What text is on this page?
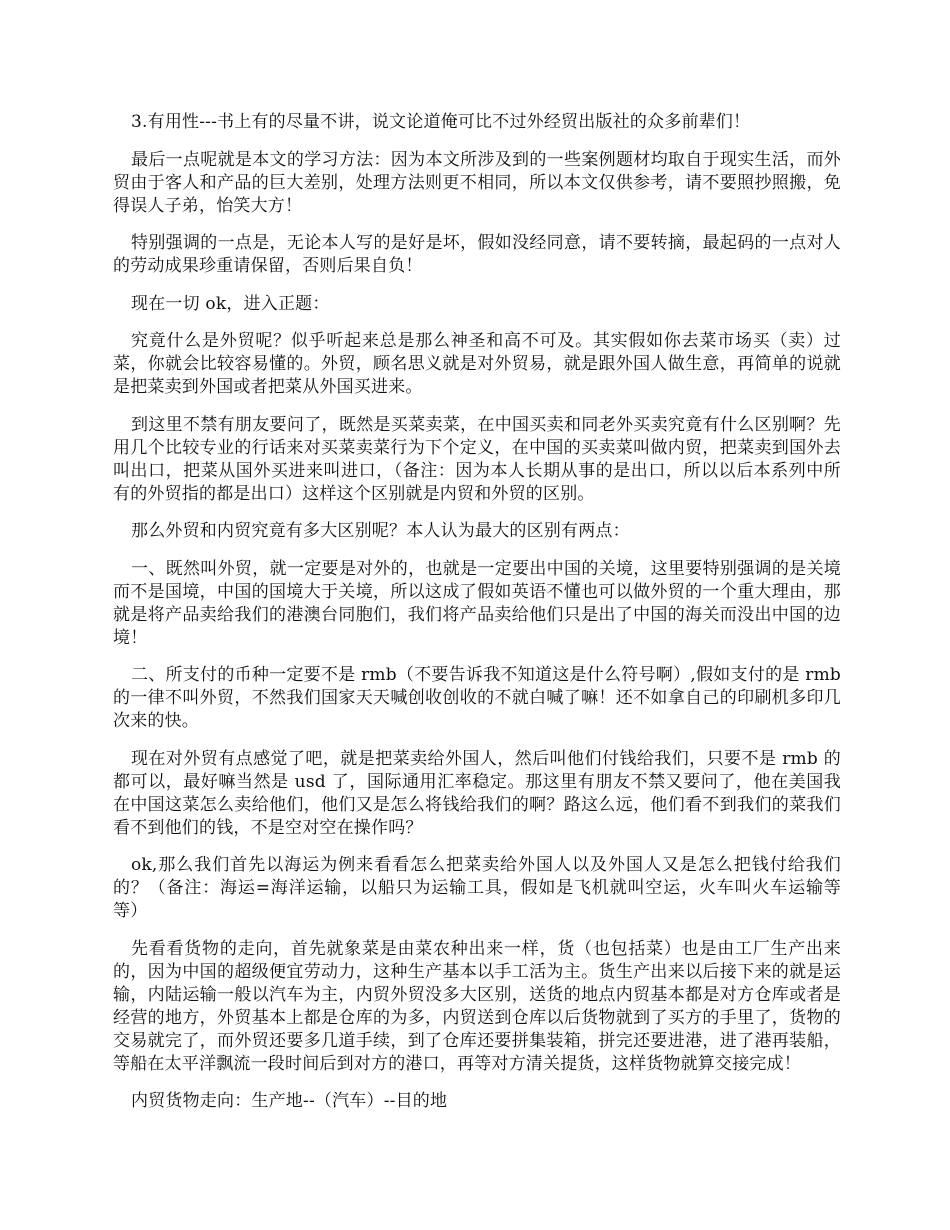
3.有用性---书上有的尽量不讲，说文论道俺可比不过外经贸出版社的众多前辈们！

最后一点呢就是本文的学习方法：因为本文所涉及到的一些案例题材均取自于现实生活，而外贸由于客人和产品的巨大差别，处理方法则更不相同，所以本文仅供参考，请不要照抄照搬，免得误人子弟，怡笑大方！

特别强调的一点是，无论本人写的是好是坏，假如没经同意，请不要转摘，最起码的一点对人的劳动成果珍重请保留，否则后果自负！

现在一切 ok，进入正题：

究竟什么是外贸呢？似乎听起来总是那么神圣和高不可及。其实假如你去菜市场买（卖）过菜，你就会比较容易懂的。外贸，顾名思义就是对外贸易，就是跟外国人做生意，再简单的说就是把菜卖到外国或者把菜从外国买进来。

到这里不禁有朋友要问了，既然是买菜卖菜，在中国买卖和同老外买卖究竟有什么区别啊？先用几个比较专业的行话来对买菜卖菜行为下个定义，在中国的买卖菜叫做内贸，把菜卖到国外去叫出口，把菜从国外买进来叫进口，（备注：因为本人长期从事的是出口，所以以后本系列中所有的外贸指的都是出口）这样这个区别就是内贸和外贸的区别。

那么外贸和内贸究竟有多大区别呢？本人认为最大的区别有两点：

一、既然叫外贸，就一定要是对外的，也就是一定要出中国的关境，这里要特别强调的是关境而不是国境，中国的国境大于关境，所以这成了假如英语不懂也可以做外贸的一个重大理由，那就是将产品卖给我们的港澳台同胞们，我们将产品卖给他们只是出了中国的海关而没出中国的边境！

二、所支付的币种一定要不是 rmb（不要告诉我不知道这是什么符号啊）,假如支付的是 rmb 的一律不叫外贸，不然我们国家天天喊创收创收的不就白喊了嘛！还不如拿自己的印刷机多印几次来的快。

现在对外贸有点感觉了吧，就是把菜卖给外国人，然后叫他们付钱给我们，只要不是 rmb 的都可以，最好嘛当然是 usd 了，国际通用汇率稳定。那这里有朋友不禁又要问了，他在美国我在中国这菜怎么卖给他们，他们又是怎么将钱给我们的啊？路这么远，他们看不到我们的菜我们看不到他们的钱，不是空对空在操作吗？

ok,那么我们首先以海运为例来看看怎么把菜卖给外国人以及外国人又是怎么把钱付给我们的？（备注：海运=海洋运输，以船只为运输工具，假如是飞机就叫空运，火车叫火车运输等等）

先看看货物的走向，首先就象菜是由菜农种出来一样，货（也包括菜）也是由工厂生产出来的，因为中国的超级便宜劳动力，这种生产基本以手工活为主。货生产出来以后接下来的就是运输，内陆运输一般以汽车为主，内贸外贸没多大区别，送货的地点内贸基本都是对方仓库或者是经营的地方，外贸基本上都是仓库的为多，内贸送到仓库以后货物就到了买方的手里了，货物的交易就完了，而外贸还要多几道手续，到了仓库还要拼集装箱，拼完还要进港，进了港再装船，等船在太平洋飘流一段时间后到对方的港口，再等对方清关提货，这样货物就算交接完成！

内贸货物走向：生产地--（汽车）--目的地
